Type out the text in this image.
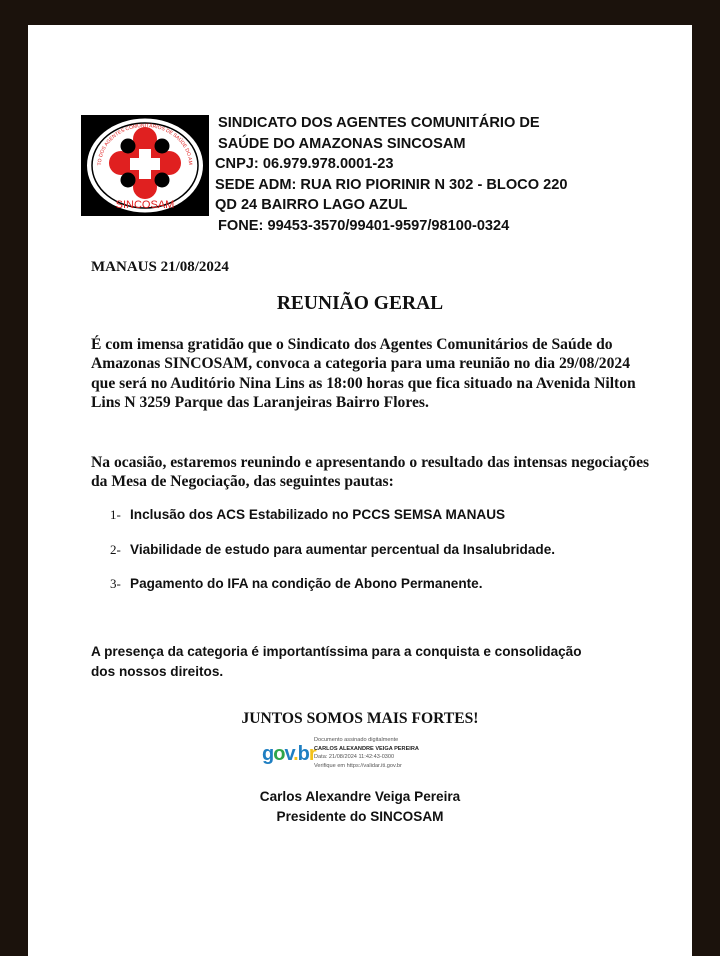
TO DOS AGENTES COMUNITÁRIOS DE SAÚDE DO AM
SINCOSAM
SINDICATO DOS AGENTES COMUNITÁRIO DE
SAÚDE DO AMAZONAS SINCOSAM
CNPJ: 06.979.978.0001-23
SEDE ADM: RUA RIO PIORINIR N 302 - BLOCO 220
QD 24 BAIRRO LAGO AZUL
FONE: 99453-3570/99401-9597/98100-0324
MANAUS 21/08/2024
REUNIÃO GERAL
É com imensa gratidão que o Sindicato dos Agentes Comunitários de Saúde do Amazonas SINCOSAM, convoca a categoria para uma reunião no dia 29/08/2024 que será no Auditório Nina Lins as 18:00 horas que fica situado na Avenida Nilton Lins N 3259 Parque das Laranjeiras Bairro Flores.
Na ocasião, estaremos reunindo e apresentando o resultado das intensas negociações da Mesa de Negociação, das seguintes pautas:
1- Inclusão dos ACS Estabilizado no PCCS SEMSA MANAUS
2- Viabilidade de estudo para aumentar percentual da Insalubridade.
3- Pagamento do IFA na condição de Abono Permanente.
A presença da categoria é importantíssima para a conquista e consolidação dos nossos direitos.
JUNTOS SOMOS MAIS FORTES!
gov.br
Documento assinado digitalmente
CARLOS ALEXANDRE VEIGA PEREIRA
Data: 21/08/2024 11:42:43-0300
Verifique em https://validar.iti.gov.br
Carlos Alexandre Veiga Pereira
Presidente do SINCOSAM
